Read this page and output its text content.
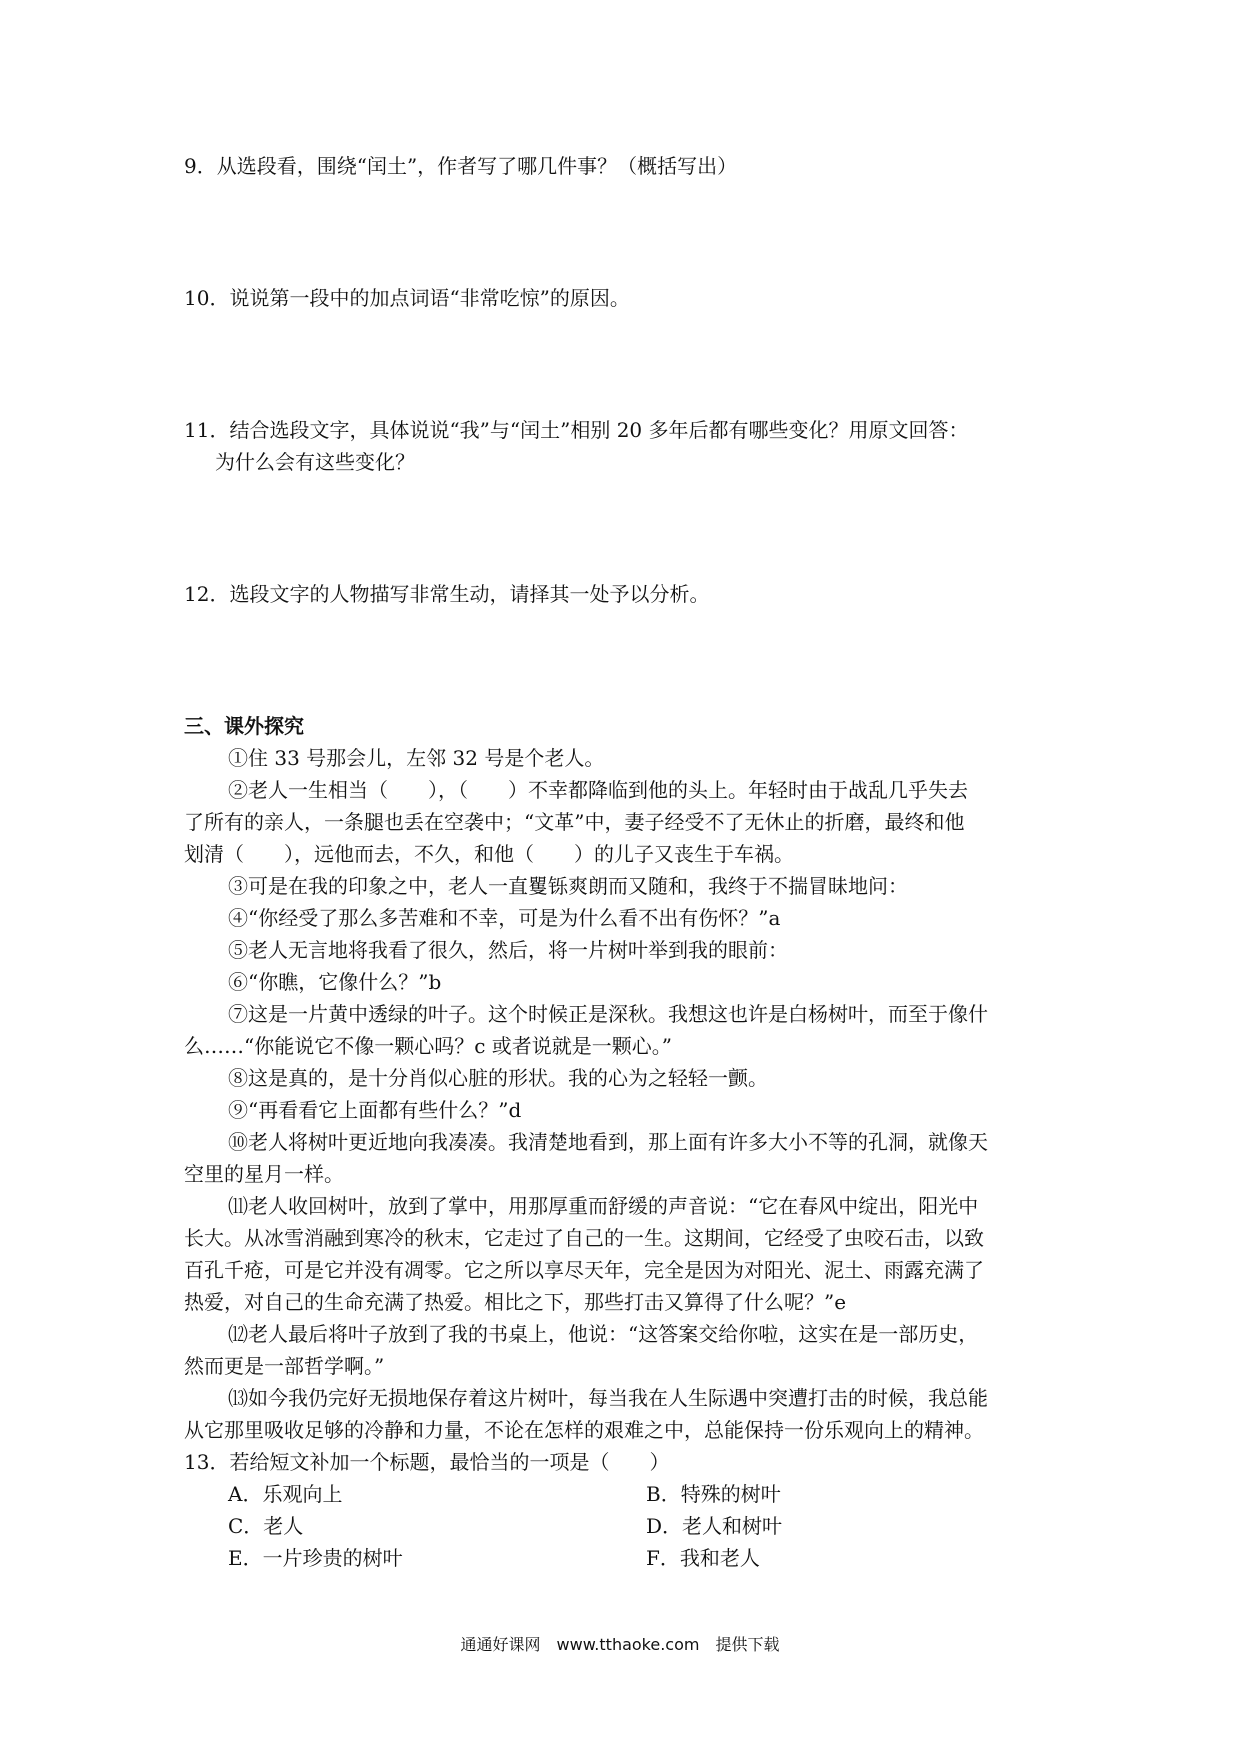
9．从选段看，围绕“闰土”，作者写了哪几件事？（概括写出）
10．说说第一段中的加点词语“非常吃惊”的原因。
11．结合选段文字，具体说说“我”与“闰土”相别 20 多年后都有哪些变化？用原文回答：
为什么会有这些变化？
12．选段文字的人物描写非常生动，请择其一处予以分析。
三、课外探究
①住 33 号那会儿，左邻 32 号是个老人。
②老人一生相当（　　），（　　）不幸都降临到他的头上。年轻时由于战乱几乎失去
了所有的亲人，一条腿也丢在空袭中；“文革”中，妻子经受不了无休止的折磨，最终和他
划清（　　），远他而去，不久，和他（　　）的儿子又丧生于车祸。
③可是在我的印象之中，老人一直矍铄爽朗而又随和，我终于不揣冒昧地问：
④“你经受了那么多苦难和不幸，可是为什么看不出有伤怀？”a
⑤老人无言地将我看了很久，然后，将一片树叶举到我的眼前：
⑥“你瞧，它像什么？”b
⑦这是一片黄中透绿的叶子。这个时候正是深秋。我想这也许是白杨树叶，而至于像什
么……“你能说它不像一颗心吗？c 或者说就是一颗心。”
⑧这是真的，是十分肖似心脏的形状。我的心为之轻轻一颤。
⑨“再看看它上面都有些什么？”d
⑩老人将树叶更近地向我凑凑。我清楚地看到，那上面有许多大小不等的孔洞，就像天
空里的星月一样。
⑾老人收回树叶，放到了掌中，用那厚重而舒缓的声音说：“它在春风中绽出，阳光中
长大。从冰雪消融到寒冷的秋末，它走过了自己的一生。这期间，它经受了虫咬石击，以致
百孔千疮，可是它并没有凋零。它之所以享尽天年，完全是因为对阳光、泥土、雨露充满了
热爱，对自己的生命充满了热爱。相比之下，那些打击又算得了什么呢？”e
⑿老人最后将叶子放到了我的书桌上，他说：“这答案交给你啦，这实在是一部历史，
然而更是一部哲学啊。”
⒀如今我仍完好无损地保存着这片树叶，每当我在人生际遇中突遭打击的时候，我总能
从它那里吸收足够的冷静和力量，不论在怎样的艰难之中，总能保持一份乐观向上的精神。
13．若给短文补加一个标题，最恰当的一项是（　　）
A．乐观向上	B．特殊的树叶
C．老人	D．老人和树叶
E．一片珍贵的树叶	F．我和老人
通通好课网　www.tthaoke.com　提供下载
